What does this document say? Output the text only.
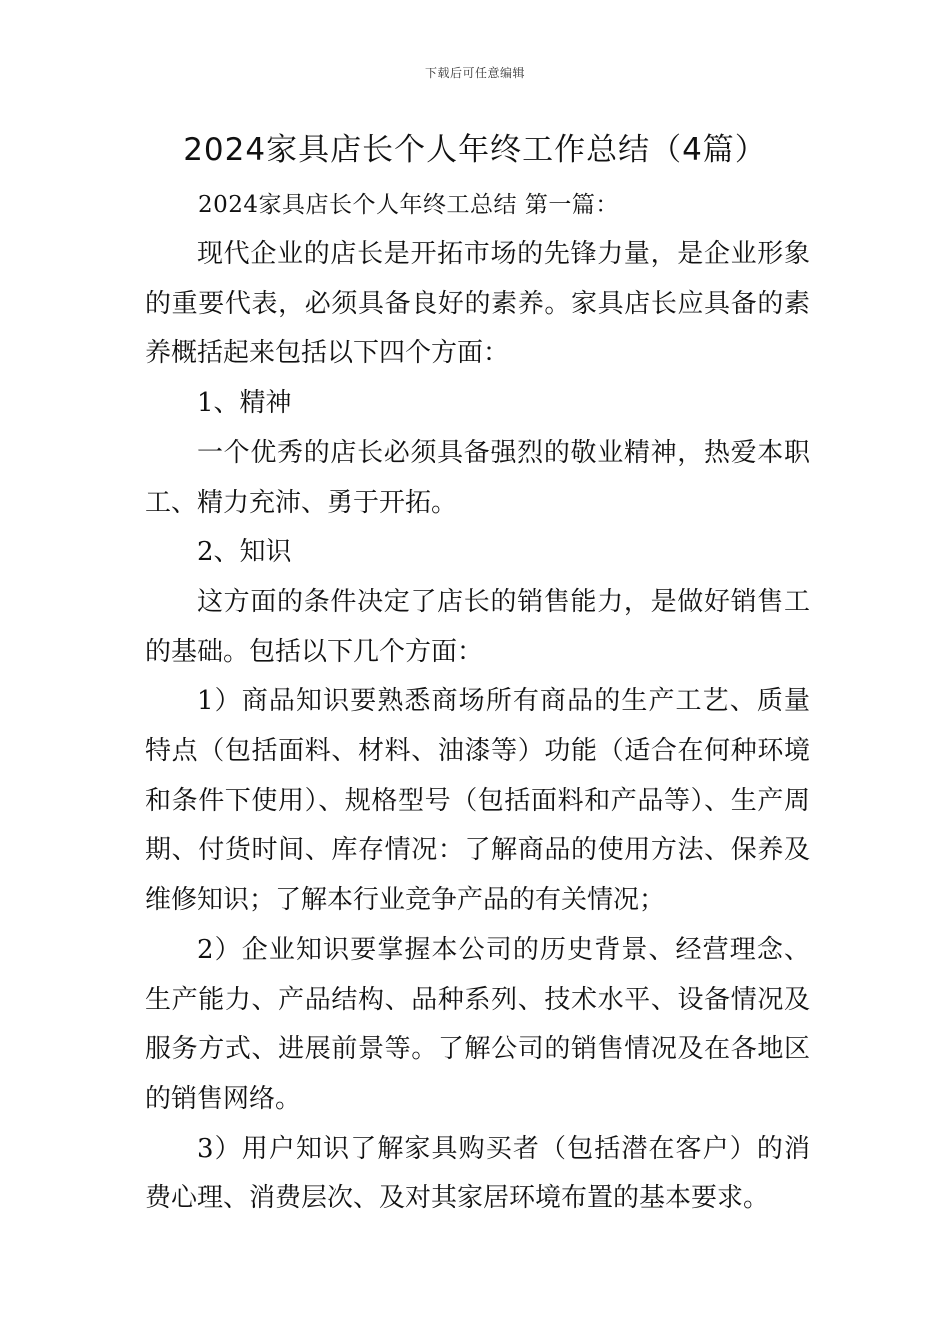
下载后可任意编辑
2024家具店长个人年终工作总结（4篇）
2024家具店长个人年终工总结 第一篇：

现代企业的店长是开拓市场的先锋力量，是企业形象的重要代表，必须具备良好的素养。家具店长应具备的素养概括起来包括以下四个方面：

1、精神

一个优秀的店长必须具备强烈的敬业精神，热爱本职工、精力充沛、勇于开拓。

2、知识

这方面的条件决定了店长的销售能力，是做好销售工的基础。包括以下几个方面：

1）商品知识要熟悉商场所有商品的生产工艺、质量特点（包括面料、材料、油漆等）功能（适合在何种环境和条件下使用）、规格型号（包括面料和产品等）、生产周期、付货时间、库存情况：了解商品的使用方法、保养及维修知识；了解本行业竞争产品的有关情况；

2）企业知识要掌握本公司的历史背景、经营理念、生产能力、产品结构、品种系列、技术水平、设备情况及服务方式、进展前景等。了解公司的销售情况及在各地区的销售网络。

3）用户知识了解家具购买者（包括潜在客户）的消费心理、消费层次、及对其家居环境布置的基本要求。
